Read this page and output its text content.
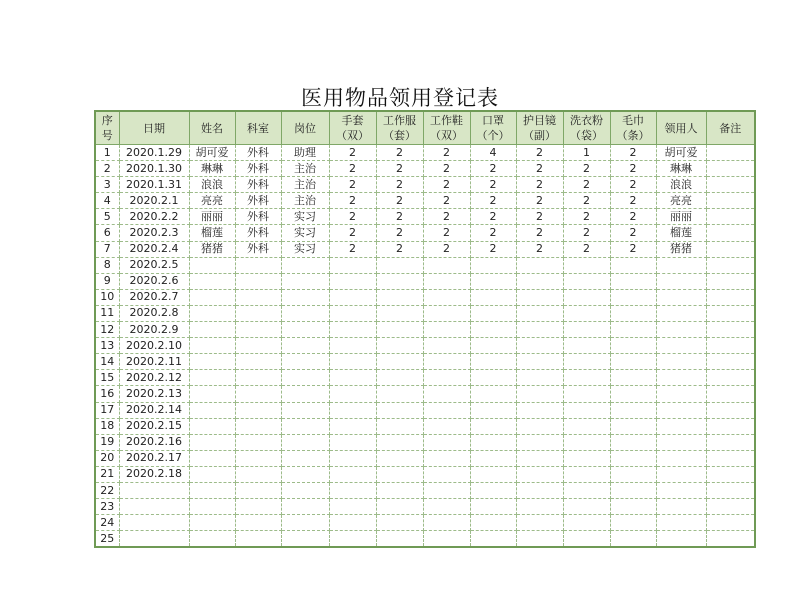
医用物品领用登记表
序号	日期	姓名	科室	岗位	手套（双）	工作服（套）	工作鞋（双）	口罩（个）	护目镜（副）	洗衣粉（袋）	毛巾（条）	领用人	备注
1	2020.1.29	胡可爱	外科	助理	2	2	2	4	2	1	2	胡可爱	
2	2020.1.30	琳琳	外科	主治	2	2	2	2	2	2	2	琳琳	
3	2020.1.31	浪浪	外科	主治	2	2	2	2	2	2	2	浪浪	
4	2020.2.1	亮亮	外科	主治	2	2	2	2	2	2	2	亮亮	
5	2020.2.2	丽丽	外科	实习	2	2	2	2	2	2	2	丽丽	
6	2020.2.3	榴莲	外科	实习	2	2	2	2	2	2	2	榴莲	
7	2020.2.4	猪猪	外科	实习	2	2	2	2	2	2	2	猪猪	
8	2020.2.5												
9	2020.2.6												
10	2020.2.7												
11	2020.2.8												
12	2020.2.9												
13	2020.2.10												
14	2020.2.11												
15	2020.2.12												
16	2020.2.13												
17	2020.2.14												
18	2020.2.15												
19	2020.2.16												
20	2020.2.17												
21	2020.2.18												
22													
23													
24													
25													
